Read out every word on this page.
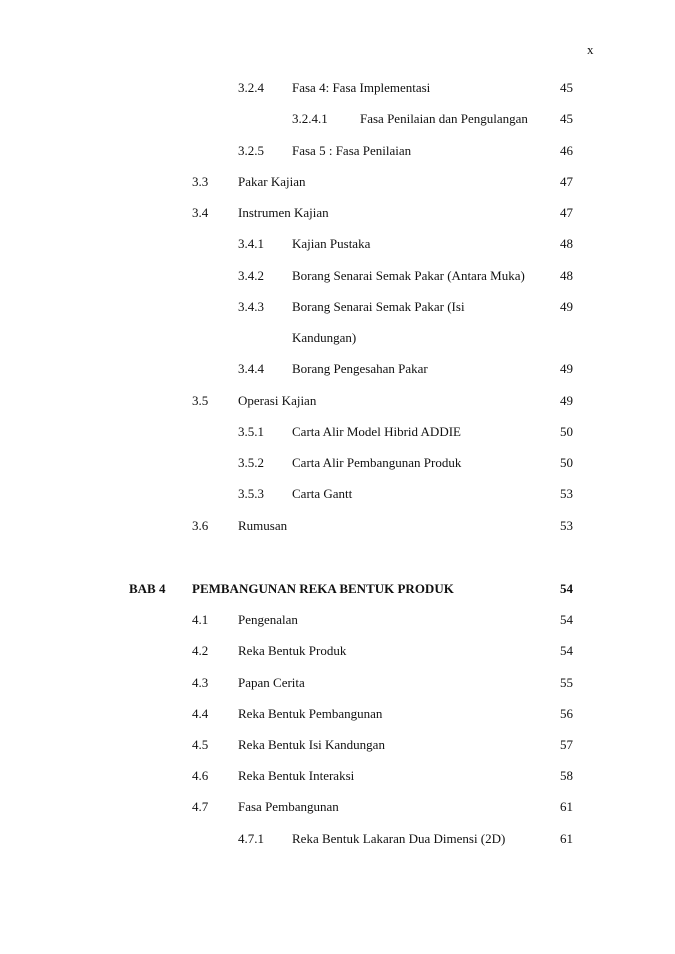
x
3.2.4 Fasa 4: Fasa Implementasi	45
3.2.4.1 Fasa Penilaian dan Pengulangan 45
3.2.5 Fasa 5 : Fasa Penilaian	46
3.3 Pakar Kajian	47
3.4 Instrumen Kajian	47
3.4.1 Kajian Pustaka	48
3.4.2 Borang Senarai Semak Pakar (Antara Muka)	48
3.4.3 Borang Senarai Semak Pakar (Isi	49
Kandungan)
3.4.4 Borang Pengesahan Pakar	49
3.5 Operasi Kajian	49
3.5.1 Carta Alir Model Hibrid ADDIE	50
3.5.2 Carta Alir Pembangunan Produk	50
3.5.3 Carta Gantt	53
3.6 Rumusan	53
BAB 4 PEMBANGUNAN REKA BENTUK PRODUK	54
4.1 Pengenalan	54
4.2 Reka Bentuk Produk	54
4.3 Papan Cerita	55
4.4 Reka Bentuk Pembangunan	56
4.5 Reka Bentuk Isi Kandungan	57
4.6 Reka Bentuk Interaksi	58
4.7 Fasa Pembangunan	61
4.7.1 Reka Bentuk Lakaran Dua Dimensi (2D)	61
